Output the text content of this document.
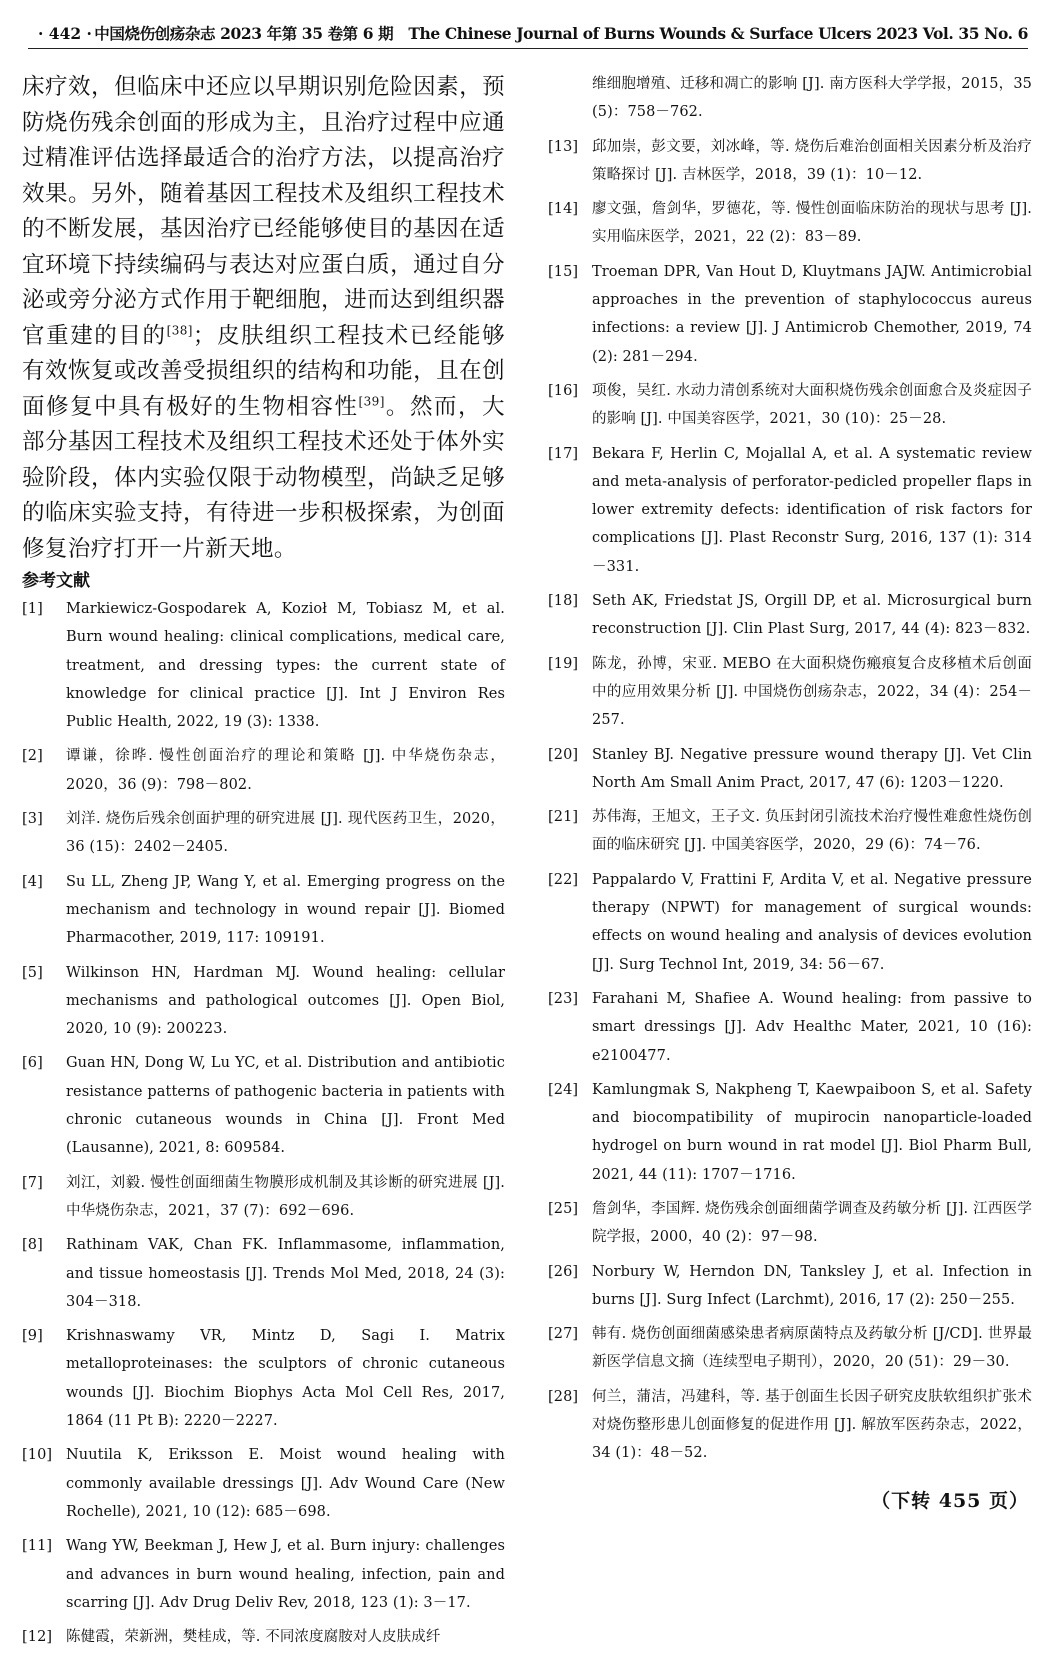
· 442 · 中国烧伤创疡杂志 2023 年第 35 卷第 6 期　The Chinese Journal of Burns Wounds & Surface Ulcers 2023 Vol. 35 No. 6

床疗效，但临床中还应以早期识别危险因素，预防烧伤残余创面的形成为主，且治疗过程中应通过精准评估选择最适合的治疗方法，以提高治疗效果。另外，随着基因工程技术及组织工程技术的不断发展，基因治疗已经能够使目的基因在适宜环境下持续编码与表达对应蛋白质，通过自分泌或旁分泌方式作用于靶细胞，进而达到组织器官重建的目的[38]；皮肤组织工程技术已经能够有效恢复或改善受损组织的结构和功能，且在创面修复中具有极好的生物相容性[39]。然而，大部分基因工程技术及组织工程技术还处于体外实验阶段，体内实验仅限于动物模型，尚缺乏足够的临床实验支持，有待进一步积极探索，为创面修复治疗打开一片新天地。

参考文献

[1] Markiewicz-Gospodarek A, Kozioł M, Tobiasz M, et al. Burn wound healing: clinical complications, medical care, treatment, and dressing types: the current state of knowledge for clinical practice [J]. Int J Environ Res Public Health, 2022, 19 (3): 1338.

[2] 谭谦，徐晔. 慢性创面治疗的理论和策略 [J]. 中华烧伤杂志，2020，36 (9)：798－802.

[3] 刘洋. 烧伤后残余创面护理的研究进展 [J]. 现代医药卫生，2020，36 (15)：2402－2405.

[4] Su LL, Zheng JP, Wang Y, et al. Emerging progress on the mechanism and technology in wound repair [J]. Biomed Pharmacother, 2019, 117: 109191.

[5] Wilkinson HN, Hardman MJ. Wound healing: cellular mechanisms and pathological outcomes [J]. Open Biol, 2020, 10 (9): 200223.

[6] Guan HN, Dong W, Lu YC, et al. Distribution and antibiotic resistance patterns of pathogenic bacteria in patients with chronic cutaneous wounds in China [J]. Front Med (Lausanne), 2021, 8: 609584.

[7] 刘江，刘毅. 慢性创面细菌生物膜形成机制及其诊断的研究进展 [J]. 中华烧伤杂志，2021，37 (7)：692－696.

[8] Rathinam VAK, Chan FK. Inflammasome, inflammation, and tissue homeostasis [J]. Trends Mol Med, 2018, 24 (3): 304－318.

[9] Krishnaswamy VR, Mintz D, Sagi I. Matrix metalloproteinases: the sculptors of chronic cutaneous wounds [J]. Biochim Biophys Acta Mol Cell Res, 2017, 1864 (11 Pt B): 2220－2227.

[10] Nuutila K, Eriksson E. Moist wound healing with commonly available dressings [J]. Adv Wound Care (New Rochelle), 2021, 10 (12): 685－698.

[11] Wang YW, Beekman J, Hew J, et al. Burn injury: challenges and advances in burn wound healing, infection, pain and scarring [J]. Adv Drug Deliv Rev, 2018, 123 (1): 3－17.

[12] 陈健霞，荣新洲，樊桂成，等. 不同浓度腐胺对人皮肤成纤

维细胞增殖、迁移和凋亡的影响 [J]. 南方医科大学学报，2015，35 (5)：758－762.

[13] 邱加崇，彭文要，刘冰峰，等. 烧伤后难治创面相关因素分析及治疗策略探讨 [J]. 吉林医学，2018，39 (1)：10－12.

[14] 廖文强，詹剑华，罗德花，等. 慢性创面临床防治的现状与思考 [J]. 实用临床医学，2021，22 (2)：83－89.

[15] Troeman DPR, Van Hout D, Kluytmans JAJW. Antimicrobial approaches in the prevention of staphylococcus aureus infections: a review [J]. J Antimicrob Chemother, 2019, 74 (2): 281－294.

[16] 项俊，吴红. 水动力清创系统对大面积烧伤残余创面愈合及炎症因子的影响 [J]. 中国美容医学，2021，30 (10)：25－28.

[17] Bekara F, Herlin C, Mojallal A, et al. A systematic review and meta-analysis of perforator-pedicled propeller flaps in lower extremity defects: identification of risk factors for complications [J]. Plast Reconstr Surg, 2016, 137 (1): 314－331.

[18] Seth AK, Friedstat JS, Orgill DP, et al. Microsurgical burn reconstruction [J]. Clin Plast Surg, 2017, 44 (4): 823－832.

[19] 陈龙，孙博，宋亚. MEBO 在大面积烧伤瘢痕复合皮移植术后创面中的应用效果分析 [J]. 中国烧伤创疡杂志，2022，34 (4)：254－257.

[20] Stanley BJ. Negative pressure wound therapy [J]. Vet Clin North Am Small Anim Pract, 2017, 47 (6): 1203－1220.

[21] 苏伟海，王旭文，王子文. 负压封闭引流技术治疗慢性难愈性烧伤创面的临床研究 [J]. 中国美容医学，2020，29 (6)：74－76.

[22] Pappalardo V, Frattini F, Ardita V, et al. Negative pressure therapy (NPWT) for management of surgical wounds: effects on wound healing and analysis of devices evolution [J]. Surg Technol Int, 2019, 34: 56－67.

[23] Farahani M, Shafiee A. Wound healing: from passive to smart dressings [J]. Adv Healthc Mater, 2021, 10 (16): e2100477.

[24] Kamlungmak S, Nakpheng T, Kaewpaiboon S, et al. Safety and biocompatibility of mupirocin nanoparticle-loaded hydrogel on burn wound in rat model [J]. Biol Pharm Bull, 2021, 44 (11): 1707－1716.

[25] 詹剑华，李国辉. 烧伤残余创面细菌学调查及药敏分析 [J]. 江西医学院学报，2000，40 (2)：97－98.

[26] Norbury W, Herndon DN, Tanksley J, et al. Infection in burns [J]. Surg Infect (Larchmt), 2016, 17 (2): 250－255.

[27] 韩有. 烧伤创面细菌感染患者病原菌特点及药敏分析 [J/CD]. 世界最新医学信息文摘（连续型电子期刊），2020，20 (51)：29－30.

[28] 何兰，蒲洁，冯建科，等. 基于创面生长因子研究皮肤软组织扩张术对烧伤整形患儿创面修复的促进作用 [J]. 解放军医药杂志，2022，34 (1)：48－52.

（下转 455 页）
